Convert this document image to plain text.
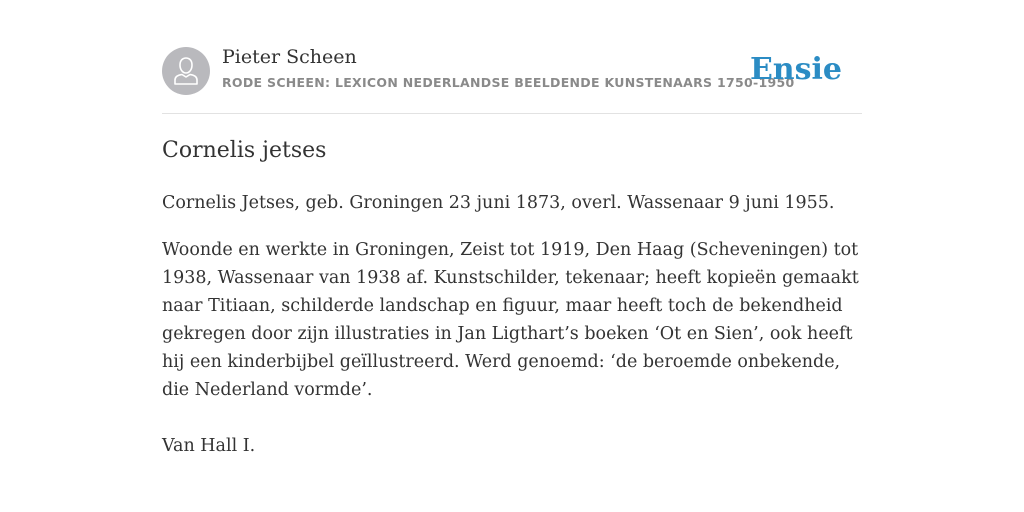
Pieter Scheen
RODE SCHEEN: LEXICON NEDERLANDSE BEELDENDE KUNSTENAARS 1750-1950
Ensie
Cornelis jetses

Cornelis Jetses, geb. Groningen 23 juni 1873, overl. Wassenaar 9 juni 1955.

Woonde en werkte in Groningen, Zeist tot 1919, Den Haag (Scheveningen) tot 1938, Wassenaar van 1938 af. Kunstschilder, tekenaar; heeft kopieën gemaakt naar Titiaan, schilderde landschap en figuur, maar heeft toch de bekendheid gekregen door zijn illustraties in Jan Ligthart’s boeken ‘Ot en Sien’, ook heeft hij een kinderbijbel geïllustreerd. Werd genoemd: ‘de beroemde onbekende, die Nederland vormde’.

Van Hall I.
